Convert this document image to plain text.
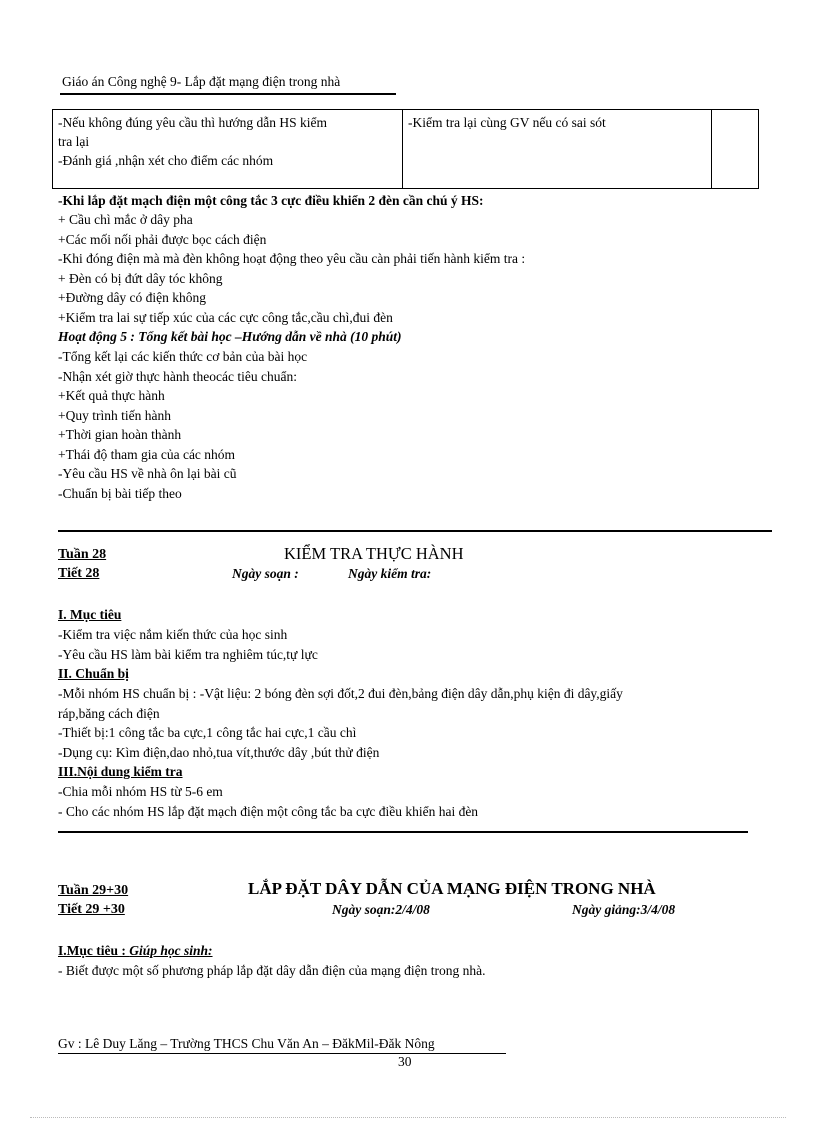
Giáo án Công nghệ 9- Lắp đặt mạng điện trong nhà
-Nếu không đúng yêu cầu thì hướng dẫn HS kiểm
tra lại
-Đánh giá ,nhận xét cho điểm các nhóm

-Kiểm tra lại cùng GV nếu có sai sót

-Khi lắp đặt mạch điện một công tắc 3 cực điều khiển 2 đèn cần chú ý HS:
+ Cầu chì mắc ở dây pha
+Các mối nối phải được bọc cách điện
-Khi đóng điện mà mà đèn không hoạt động theo yêu cầu càn phải tiến hành kiểm tra :
+ Đèn có bị đứt dây tóc không
+Đường dây có điện không
+Kiểm tra lai sự tiếp xúc của các cực công tắc,cầu chì,đui đèn
Hoạt động 5 : Tổng kết bài học –Hướng dẫn về nhà (10 phút)
-Tổng kết lại các kiến thức cơ bản của bài học
-Nhận xét giờ thực hành theocác tiêu chuẩn:
+Kết quả thực hành
+Quy trình tiến hành
+Thời gian hoàn thành
+Thái độ tham gia của các nhóm
-Yêu cầu HS về nhà ôn lại bài cũ
-Chuẩn bị bài tiếp theo
Tuần 28
Tiết 28
KIỂM TRA THỰC HÀNH
Ngày soạn :	Ngày kiểm tra:
I. Mục tiêu
-Kiểm tra việc nắm kiến thức của học sinh
-Yêu cầu HS làm bài kiểm tra nghiêm túc,tự lực
II. Chuẩn bị
-Mỗi nhóm HS chuẩn bị : -Vật liệu: 2 bóng đèn sợi đốt,2 đui đèn,bảng điện dây dẫn,phụ kiện đi dây,giấy
ráp,băng cách điện
-Thiết bị:1 công tắc ba cực,1 công tắc hai cực,1 cầu chì
-Dụng cụ: Kìm điện,dao nhỏ,tua vít,thước dây ,bút thử điện
III.Nội dung kiểm tra
-Chia mỗi nhóm HS từ 5-6 em
- Cho các nhóm HS lắp đặt mạch điện một công tắc ba cực điều khiển hai đèn
Tuần 29+30
Tiết 29 +30
LẮP ĐẶT DÂY DẪN CỦA MẠNG ĐIỆN TRONG NHÀ
Ngày soạn:2/4/08	Ngày giảng:3/4/08
I.Mục tiêu : Giúp học sinh:
- Biết được một số phương pháp lắp đặt dây dẫn điện của mạng điện trong nhà.
Gv : Lê Duy Lăng – Trường THCS Chu Văn An – ĐăkMil-Đăk Nông
30
